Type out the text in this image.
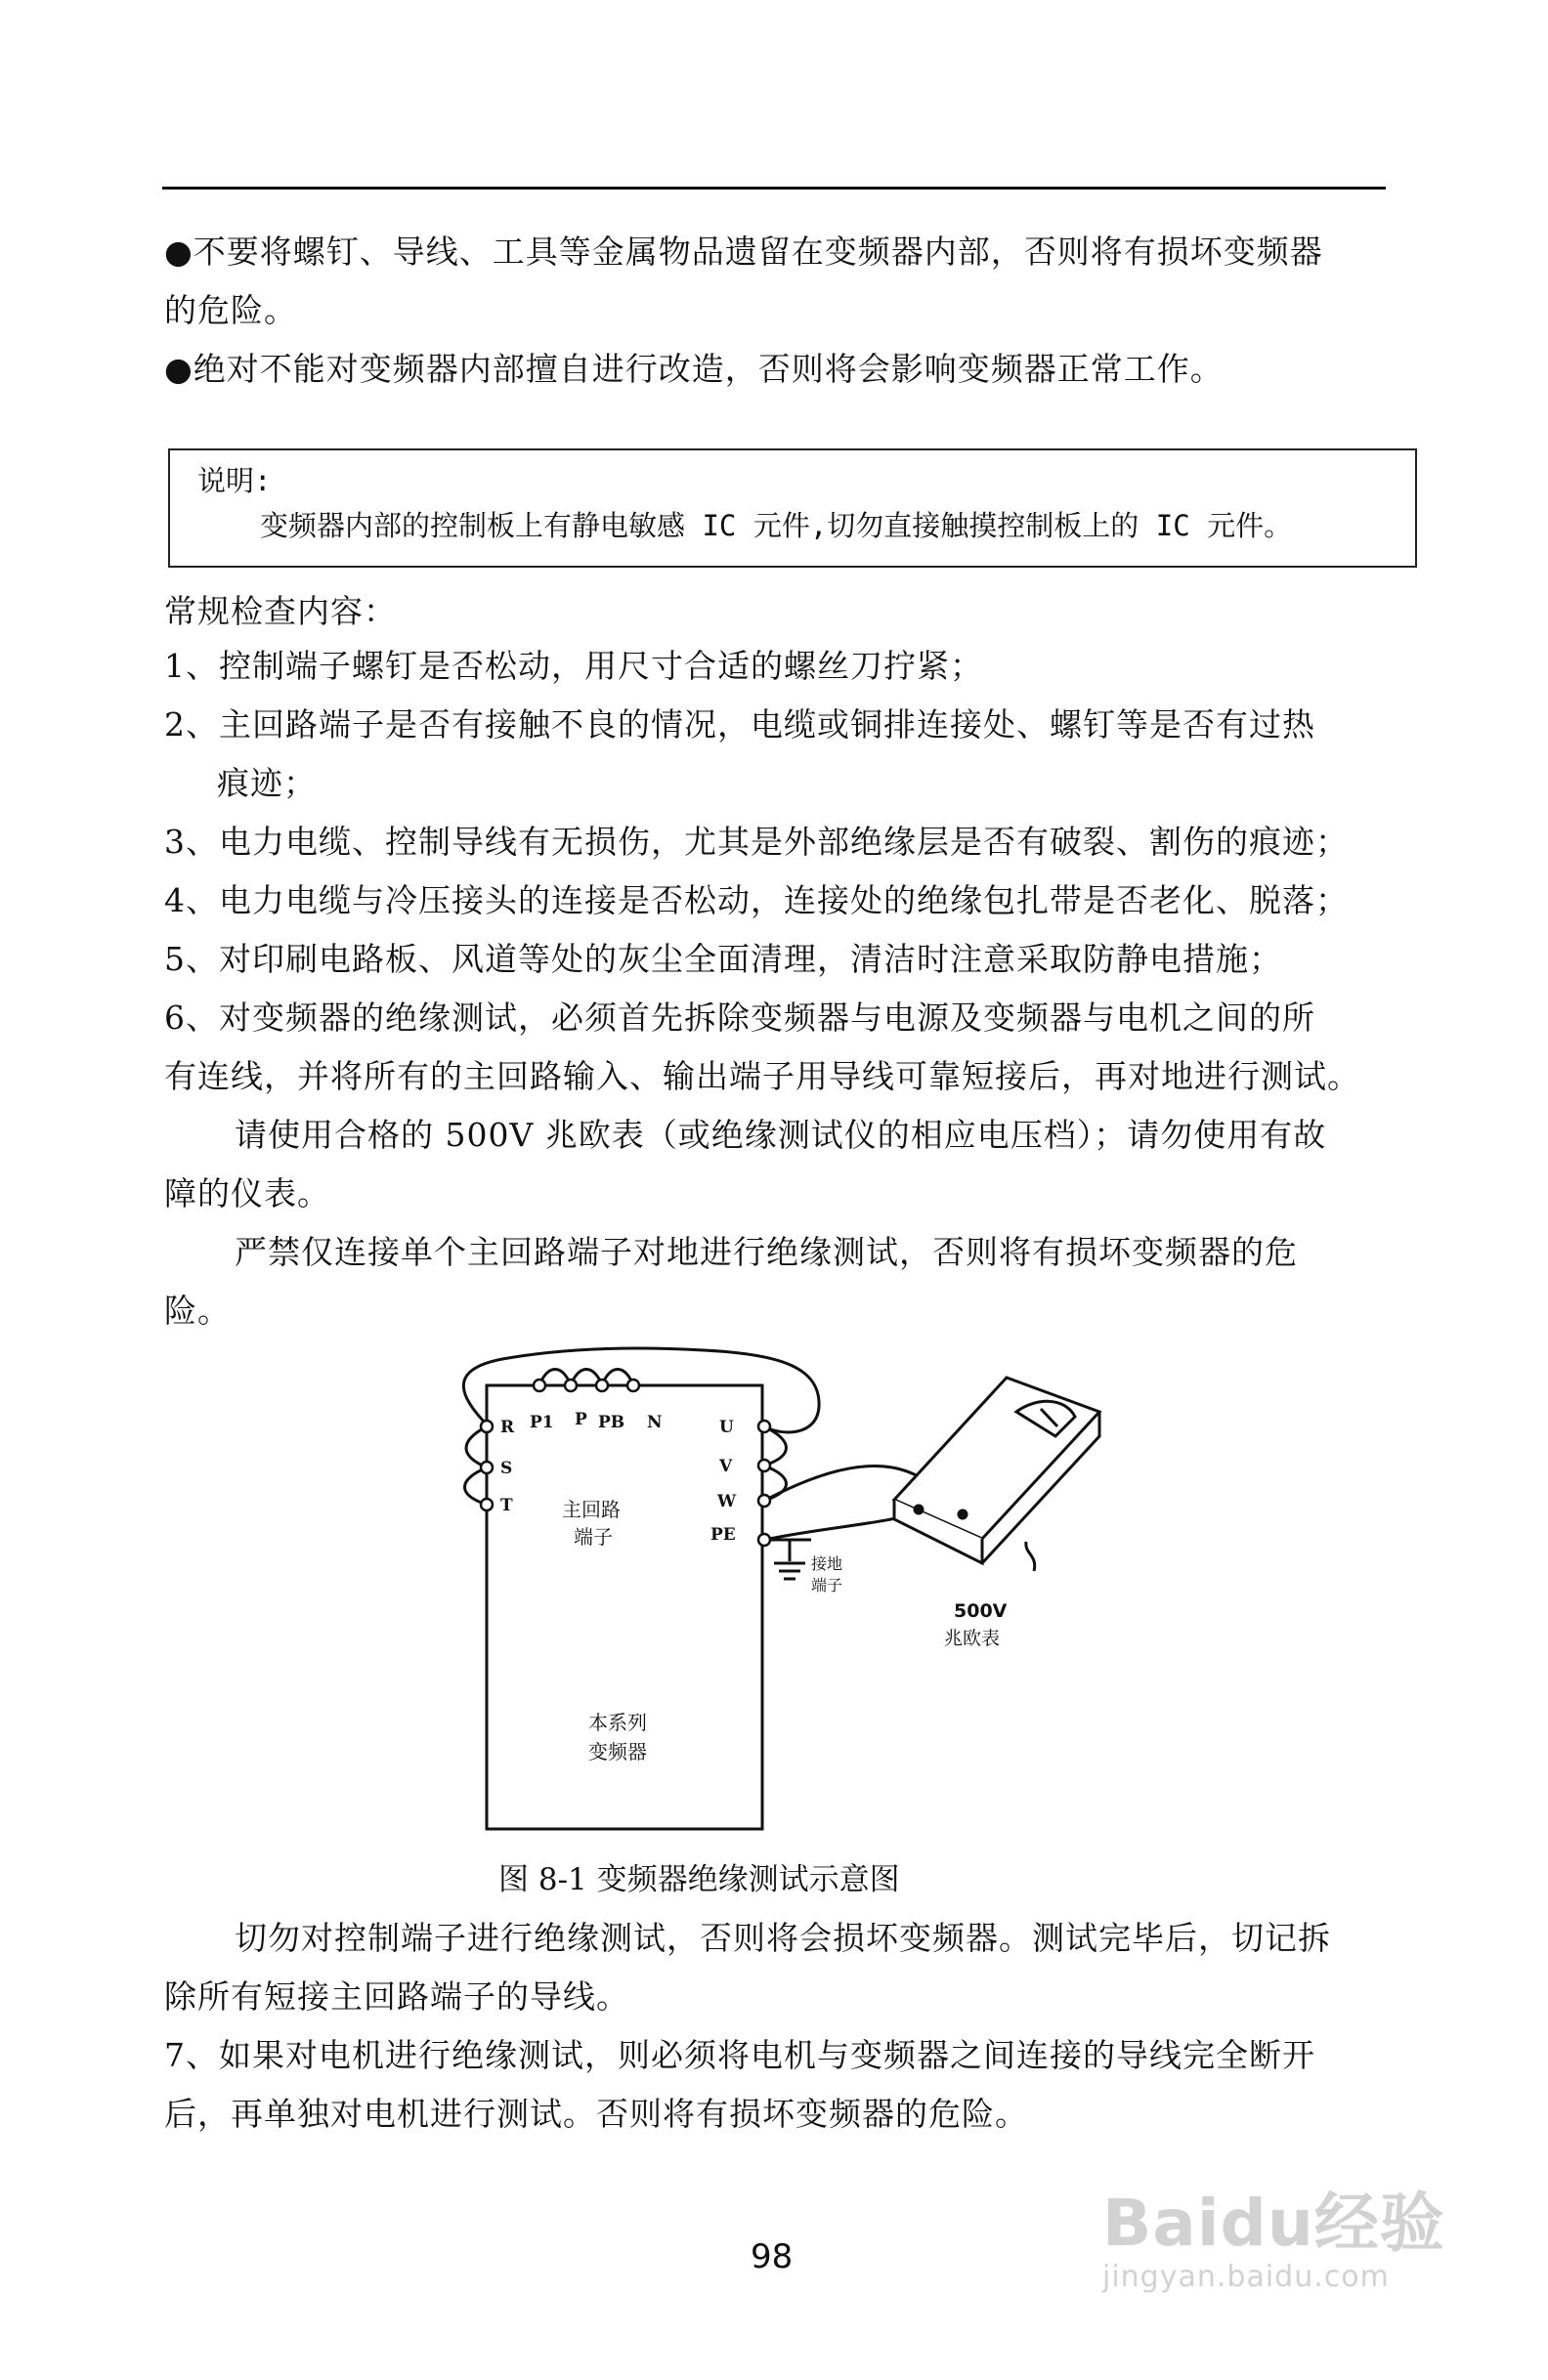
●不要将螺钉、导线、工具等金属物品遗留在变频器内部，否则将有损坏变频器
的危险。
●绝对不能对变频器内部擅自进行改造，否则将会影响变频器正常工作。
说明:
变频器内部的控制板上有静电敏感 IC 元件,切勿直接触摸控制板上的 IC 元件。
常规检查内容：
1、控制端子螺钉是否松动，用尺寸合适的螺丝刀拧紧；
2、主回路端子是否有接触不良的情况，电缆或铜排连接处、螺钉等是否有过热
痕迹；
3、电力电缆、控制导线有无损伤，尤其是外部绝缘层是否有破裂、割伤的痕迹；
4、电力电缆与冷压接头的连接是否松动，连接处的绝缘包扎带是否老化、脱落；
5、对印刷电路板、风道等处的灰尘全面清理，清洁时注意采取防静电措施；
6、对变频器的绝缘测试，必须首先拆除变频器与电源及变频器与电机之间的所
有连线，并将所有的主回路输入、输出端子用导线可靠短接后，再对地进行测试。
请使用合格的 500V 兆欧表（或绝缘测试仪的相应电压档）；请勿使用有故
障的仪表。
严禁仅连接单个主回路端子对地进行绝缘测试，否则将有损坏变频器的危
险。
P1 P PB N
R
S
T
U
V
W
PE
主回路
端子
本系列
变频器
接地
端子
500V
兆欧表
图 8-1 变频器绝缘测试示意图
切勿对控制端子进行绝缘测试，否则将会损坏变频器。测试完毕后，切记拆
除所有短接主回路端子的导线。
7、如果对电机进行绝缘测试，则必须将电机与变频器之间连接的导线完全断开
后，再单独对电机进行测试。否则将有损坏变频器的危险。
98	Baidu经验
jingyan.baidu.com
